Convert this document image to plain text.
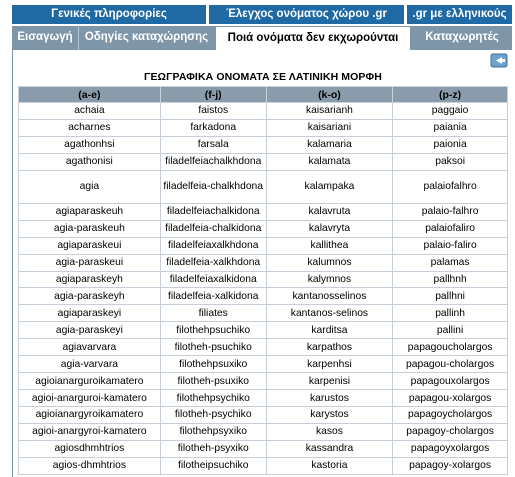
Γενικές πληροφορίες	Έλεγχος ονόματος χώρου .gr	.gr με ελληνικούς
Εισαγωγή	Οδηγίες καταχώρησης	Ποιά ονόματα δεν εκχωρούνται	Καταχωρητές
ΓΕΩΓΡΑΦΙΚΑ ΟΝΟΜΑΤΑ ΣΕ ΛΑΤΙΝΙΚΗ ΜΟΡΦΗ
(a-e)	(f-j)	(k-o)	(p-z)
achaia	faistos	kaisarianh	paggaio
acharnes	farkadona	kaisariani	paiania
agathonhsi	farsala	kalamaria	paionia
agathonisi	filadelfeiachalkhdona	kalamata	paksoi
agia	filadelfeia-chalkhdona	kalampaka	palaiofalhro
agiaparaskeuh	filadelfeiachalkidona	kalavruta	palaio-falhro
agia-paraskeuh	filadelfeia-chalkidona	kalavryta	palaiofaliro
agiaparaskeui	filadelfeiaxalkhdona	kallithea	palaio-faliro
agia-paraskeui	filadelfeia-xalkhdona	kalumnos	palamas
agiaparaskeyh	filadelfeiaxalkidona	kalymnos	pallhnh
agia-paraskeyh	filadelfeia-xalkidona	kantanosselinos	pallhni
agiaparaskeyi	filiates	kantanos-selinos	pallinh
agia-paraskeyi	filothehpsuchiko	karditsa	pallini
agiavarvara	filotheh-psuchiko	karpathos	papagoucholargos
agia-varvara	filothehpsuxiko	karpenhsi	papagou-cholargos
agioianarguroikamatero	filotheh-psuxiko	karpenisi	papagouxolargos
agioi-anarguroi-kamatero	filothehpsychiko	karustos	papagou-xolargos
agioianargyroikamatero	filotheh-psychiko	karystos	papagoycholargos
agioi-anargyroi-kamatero	filothehpsyxiko	kasos	papagoy-cholargos
agiosdhmhtrios	filotheh-psyxiko	kassandra	papagoyxolargos
agios-dhmhtrios	filotheipsuchiko	kastoria	papagoy-xolargos
